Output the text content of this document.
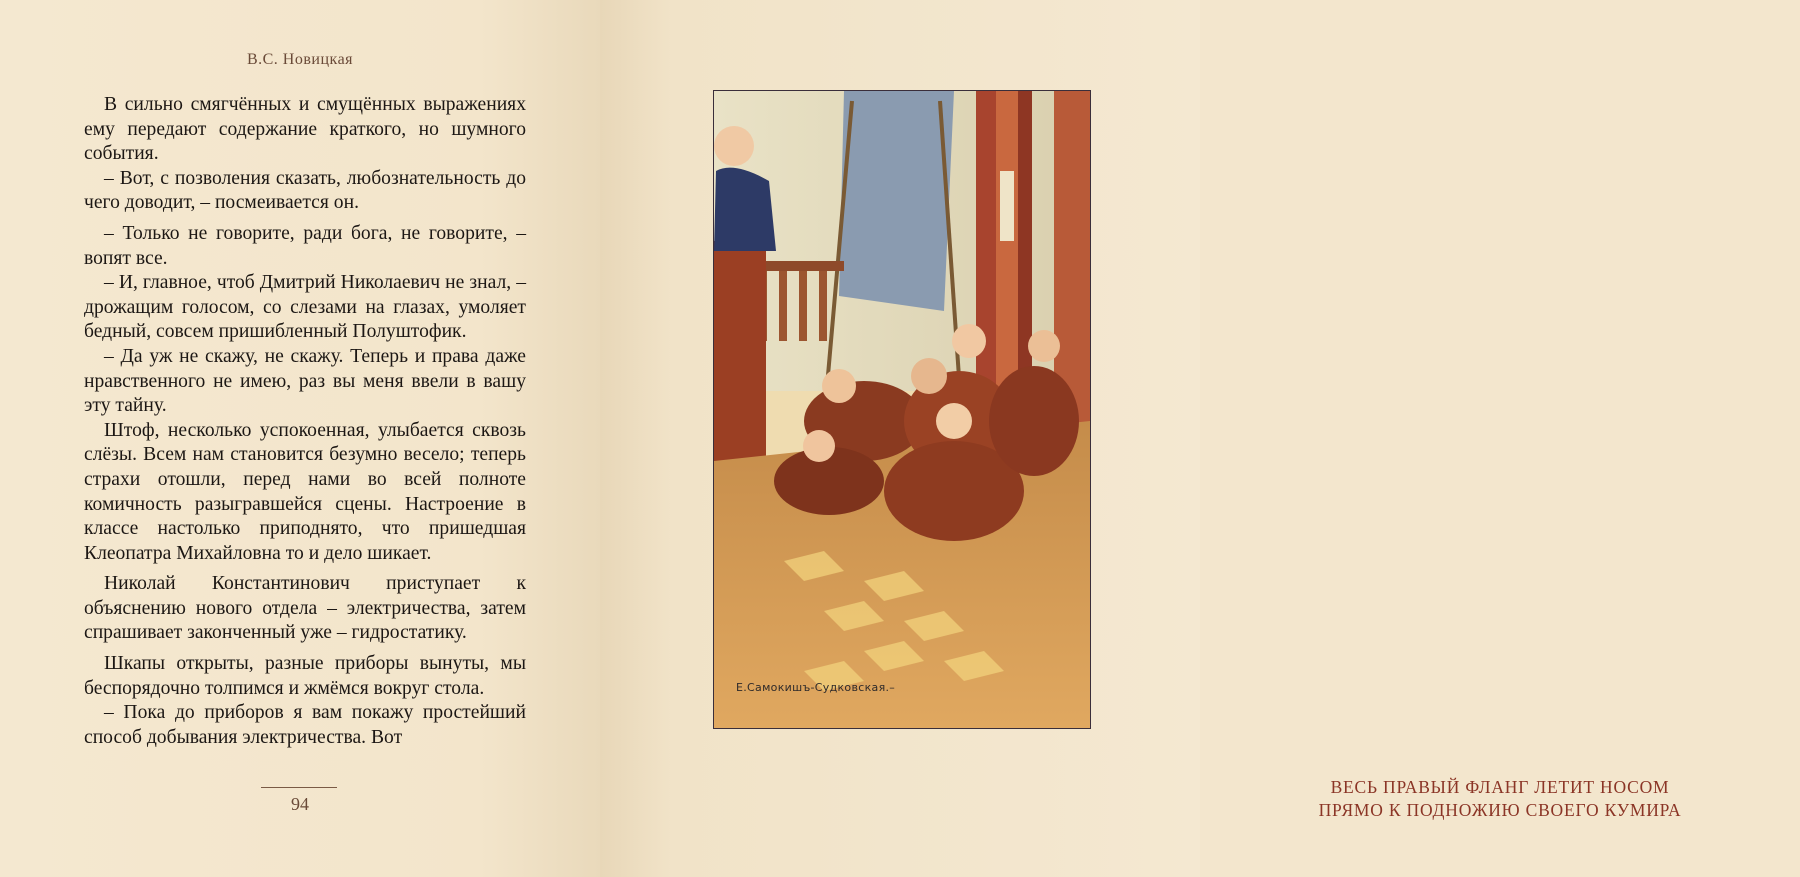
В.С. Новицкая

В сильно смягчённых и смущённых выражениях ему передают содержание краткого, но шумного события.

– Вот, с позволения сказать, любознательность до чего доводит, – посмеивается он.

– Только не говорите, ради бога, не говорите, – вопят все.

– И, главное, чтоб Дмитрий Николаевич не знал, – дрожащим голосом, со слезами на глазах, умоляет бедный, совсем пришибленный Полуштофик.

– Да уж не скажу, не скажу. Теперь и права даже нравственного не имею, раз вы меня ввели в вашу эту тайну.

Штоф, несколько успокоенная, улыбается сквозь слёзы. Всем нам становится безумно весело; теперь страхи отошли, перед нами во всей полноте комичность разыгравшейся сцены. Настроение в классе настолько приподнято, что пришедшая Клеопатра Михайловна то и дело шикает.

Николай Константинович приступает к объяснению нового отдела – электричества, затем спрашивает законченный уже – гидростатику.

Шкапы открыты, разные приборы вынуты, мы беспорядочно толпимся и жмёмся вокруг стола.

– Пока до приборов я вам покажу простейший способ добывания электричества. Вот

94
ВЕСЬ ПРАВЫЙ ФЛАНГ ЛЕТИТ НОСОМ
ПРЯМО К ПОДНОЖИЮ СВОЕГО КУМИРА
Е.Самокишъ-Судковская.–
